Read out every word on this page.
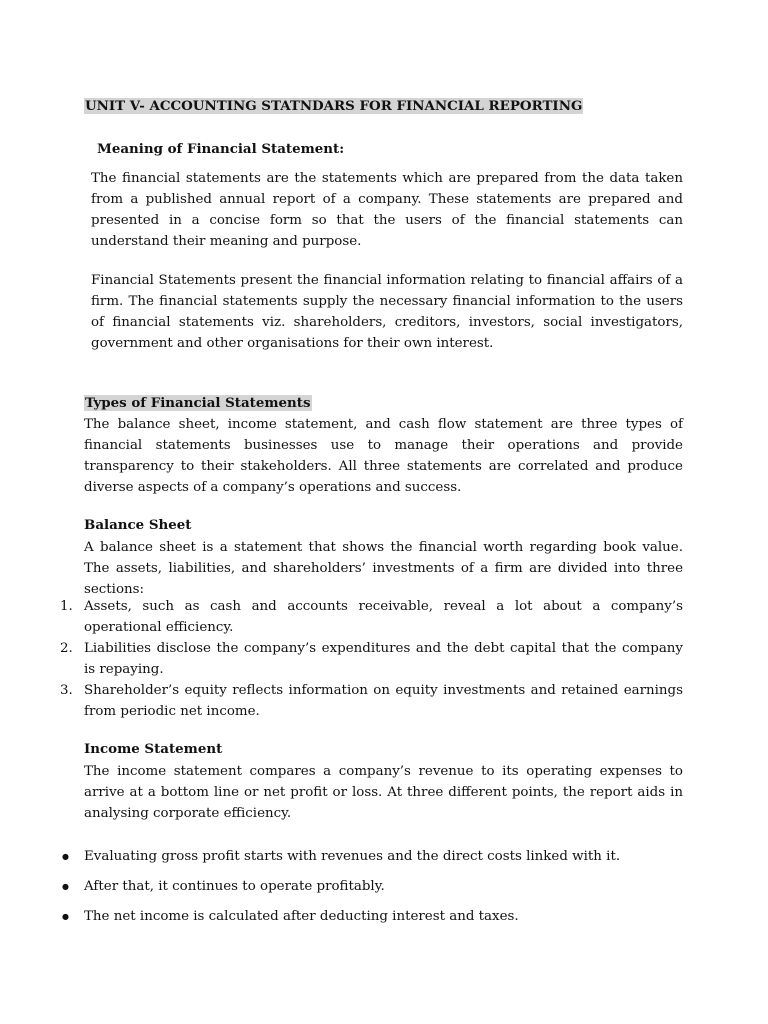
UNIT V- ACCOUNTING STATNDARS FOR FINANCIAL REPORTING
Meaning of Financial Statement:

The financial statements are the statements which are prepared from the data taken from a published annual report of a company. These statements are prepared and presented in a concise form so that the users of the financial statements can understand their meaning and purpose.

Financial Statements present the financial information relating to financial affairs of a firm. The financial statements supply the necessary financial information to the users of financial statements viz. shareholders, creditors, investors, social investigators, government and other organisations for their own interest.

Types of Financial Statements

The balance sheet, income statement, and cash flow statement are three types of financial statements businesses use to manage their operations and provide transparency to their stakeholders. All three statements are correlated and produce diverse aspects of a company’s operations and success.

Balance Sheet

A balance sheet is a statement that shows the financial worth regarding book value. The assets, liabilities, and shareholders’ investments of a firm are divided into three sections:

1. Assets, such as cash and accounts receivable, reveal a lot about a company’s operational efficiency.
2. Liabilities disclose the company’s expenditures and the debt capital that the company is repaying.
3. Shareholder’s equity reflects information on equity investments and retained earnings from periodic net income.
Income Statement

The income statement compares a company’s revenue to its operating expenses to arrive at a bottom line or net profit or loss. At three different points, the report aids in analysing corporate efficiency.

● Evaluating gross profit starts with revenues and the direct costs linked with it.
● After that, it continues to operate profitably.
● The net income is calculated after deducting interest and taxes.
